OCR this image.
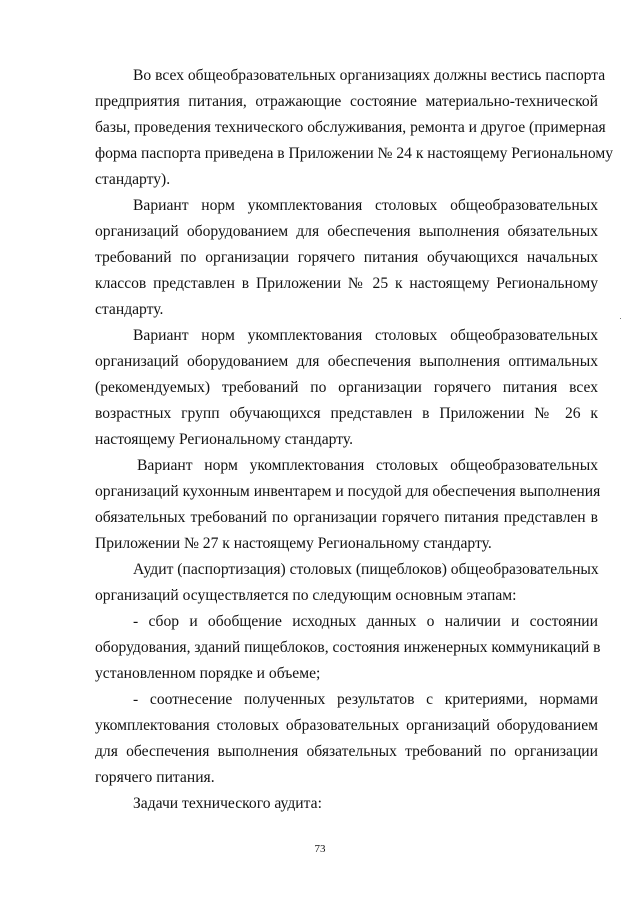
Во всех общеобразовательных организациях должны вестись паспорта
предприятия питания, отражающие состояние материально-технической
базы, проведения технического обслуживания, ремонта и другое (примерная
форма паспорта приведена в Приложении № 24 к настоящему Региональному
стандарту).
Вариант норм укомплектования столовых общеобразовательных
организаций оборудованием для обеспечения выполнения обязательных
требований по организации горячего питания обучающихся начальных
классов представлен в Приложении № 25 к настоящему Региональному
стандарту.
Вариант норм укомплектования столовых общеобразовательных
организаций оборудованием для обеспечения выполнения оптимальных
(рекомендуемых) требований по организации горячего питания всех
возрастных групп обучающихся представлен в Приложении № 26 к
настоящему Региональному стандарту.
Вариант норм укомплектования столовых общеобразовательных
организаций кухонным инвентарем и посудой для обеспечения выполнения
обязательных требований по организации горячего питания представлен в
Приложении № 27 к настоящему Региональному стандарту.
Аудит (паспортизация) столовых (пищеблоков) общеобразовательных
организаций осуществляется по следующим основным этапам:
- сбор и обобщение исходных данных о наличии и состоянии
оборудования, зданий пищеблоков, состояния инженерных коммуникаций в
установленном порядке и объеме;
- соотнесение полученных результатов с критериями, нормами
укомплектования столовых образовательных организаций оборудованием
для обеспечения выполнения обязательных требований по организации
горячего питания.
Задачи технического аудита:
73
